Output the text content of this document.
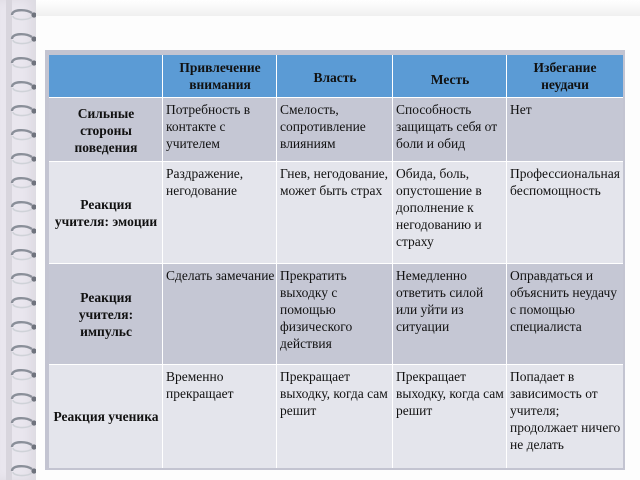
Привлечение внимания	Власть	Месть
Избегание неудачи
Сильные стороны поведения
Потребность в контакте с учителем
Смелость, сопротивление влияниям
Способность защищать себя от боли и обид
Нет
Реакция учителя: эмоции
Раздражение, негодование
Гнев, негодование, может быть страх
Обида, боль, опустошение в дополнение к негодованию и страху
Профессиональная беспомощность
Реакция учителя: импульс
Сделать замечание Прекратить выходку с помощью физического действия
Немедленно ответить силой или уйти из ситуации
Оправдаться и объяснить неудачу с помощью специалиста
Реакция ученика
Временно прекращает
Прекращает выходку, когда сам решит
Прекращает выходку, когда сам решит
Попадает в зависимость от учителя; продолжает ничего не делать
